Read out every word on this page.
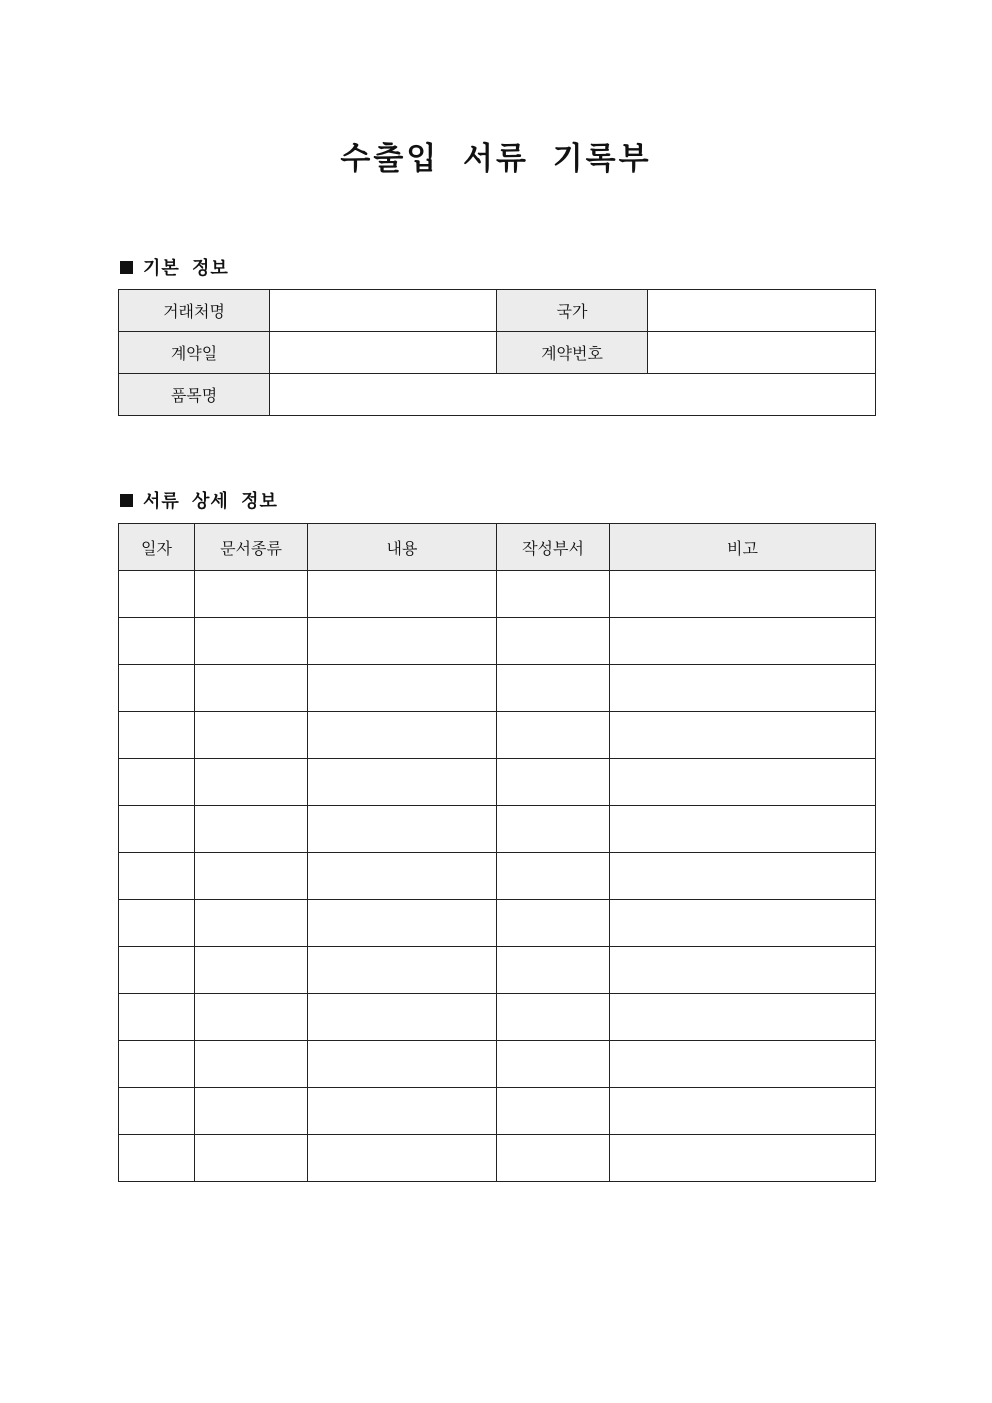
수출입 서류 기록부
기본 정보
거래처명		국가	
계약일		계약번호	
품목명			
서류 상세 정보
일자	문서종류	내용	작성부서	비고
